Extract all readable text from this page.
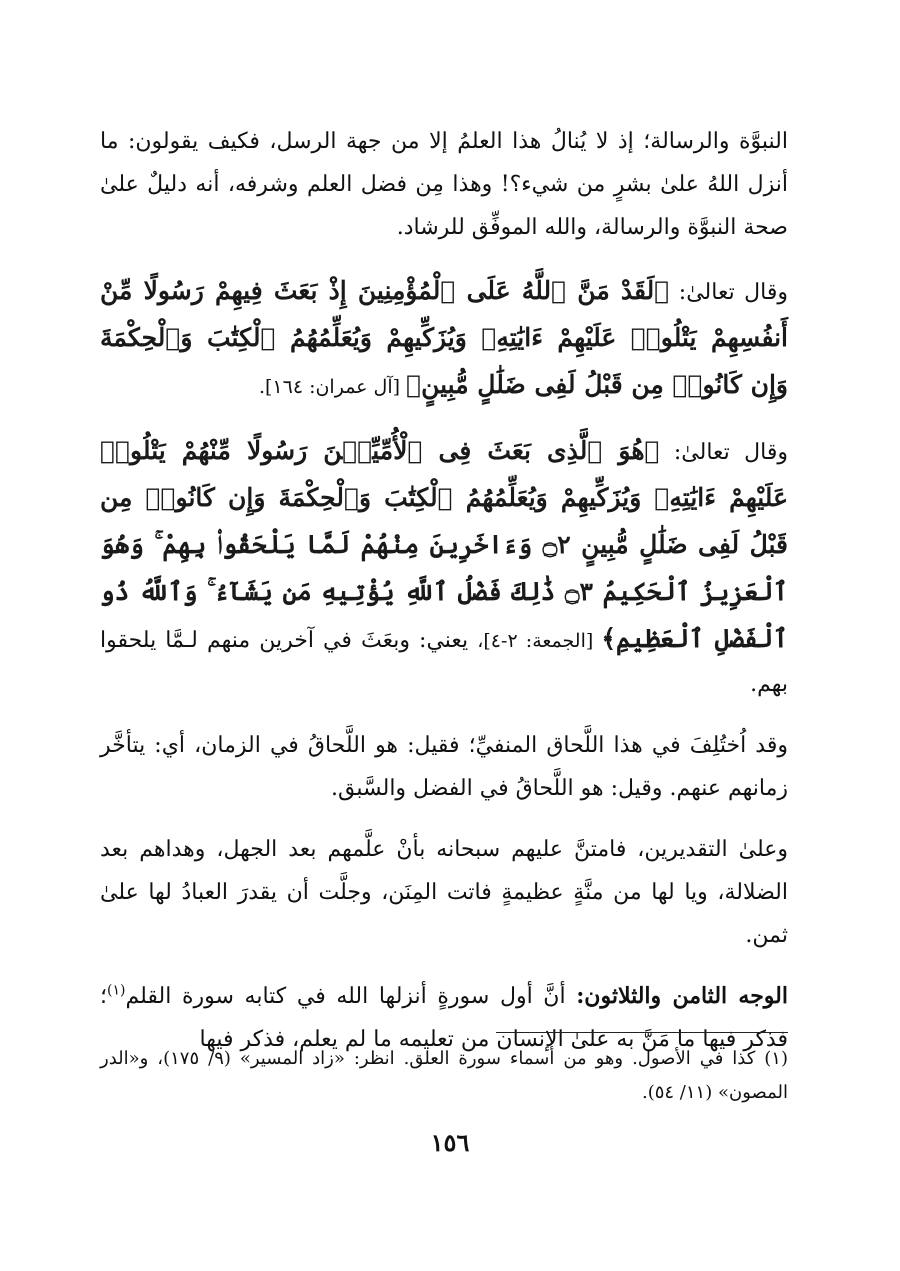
النبوَّة والرسالة؛ إذ لا يُنالُ هذا العلمُ إلا من جهة الرسل، فكيف يقولون: ما أنزل اللهُ علىٰ بشرٍ من شيء؟! وهذا مِن فضل العلم وشرفه، أنه دليلٌ علىٰ صحة النبوَّة والرسالة، والله الموفِّق للرشاد.

وقال تعالىٰ: ﴿لَقَدْ مَنَّ ٱللَّهُ عَلَى ٱلْمُؤْمِنِينَ إِذْ بَعَثَ فِيهِمْ رَسُولًا مِّنْ أَنفُسِهِمْ يَتْلُوا۟ عَلَيْهِمْ ءَايَٰتِهِۦ وَيُزَكِّيهِمْ وَيُعَلِّمُهُمُ ٱلْكِتَٰبَ وَٱلْحِكْمَةَ وَإِن كَانُوا۟ مِن قَبْلُ لَفِى ضَلَٰلٍ مُّبِينٍ﴾ [آل عمران: ١٦٤].

وقال تعالىٰ: ﴿هُوَ ٱلَّذِى بَعَثَ فِى ٱلْأُمِّيِّـۧنَ رَسُولًا مِّنْهُمْ يَتْلُوا۟ عَلَيْهِمْ ءَايَٰتِهِۦ وَيُزَكِّيهِمْ وَيُعَلِّمُهُمُ ٱلْكِتَٰبَ وَٱلْحِكْمَةَ وَإِن كَانُوا۟ مِن قَبْلُ لَفِى ضَلَٰلٍ مُّبِينٍ ۝٢ وَءَاخَرِينَ مِنْهُمْ لَمَّا يَلْحَقُوا۟ بِهِمْ ۚ وَهُوَ ٱلْعَزِيزُ ٱلْحَكِيمُ ۝٣ ذَٰلِكَ فَضْلُ ٱللَّهِ يُؤْتِيهِ مَن يَشَآءُ ۚ وَٱللَّهُ ذُو ٱلْفَضْلِ ٱلْعَظِيمِ﴾ [الجمعة: ٢-٤]، يعني: وبعَثَ في آخرين منهم لـمَّا يلحقوا بهم.

وقد اُختُلِفَ في هذا اللَّحاق المنفيِّ؛ فقيل: هو اللَّحاقُ في الزمان، أي: يتأخَّر زمانهم عنهم. وقيل: هو اللَّحاقُ في الفضل والسَّبق.

وعلىٰ التقديرين، فامتنَّ عليهم سبحانه بأنْ علَّمهم بعد الجهل، وهداهم بعد الضلالة، ويا لها من منَّةٍ عظيمةٍ فاتت المِنَن، وجلَّت أن يقدرَ العبادُ لها علىٰ ثمن.

الوجه الثامن والثلاثون: أنَّ أول سورةٍ أنزلها الله في كتابه سورة القلم$^{(١)}$؛ فذكر فيها ما مَنَّ به علىٰ الإنسان من تعليمه ما لم يعلم، فذكر فيها

(١) كذا في الأصول. وهو من أسماء سورة العلق. انظر: «زاد المسير» (٩/ ١٧٥)، و«الدر المصون» (١١/ ٥٤).
١٥٦
